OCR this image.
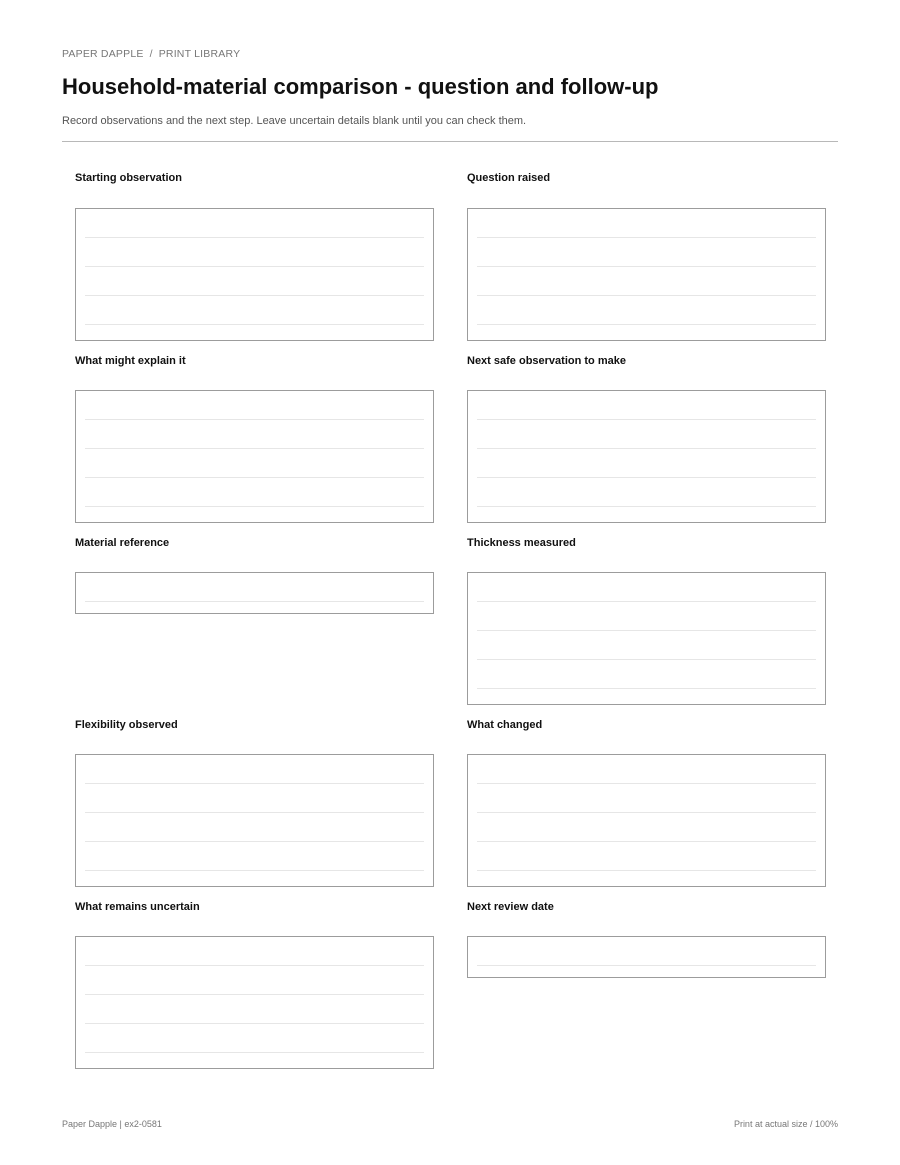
PAPER DAPPLE / PRINT LIBRARY
Household-material comparison - question and follow-up
Record observations and the next step. Leave uncertain details blank until you can check them.
Starting observation	Question raised
What might explain it	Next safe observation to make
Material reference	Thickness measured
Flexibility observed	What changed
What remains uncertain	Next review date
Paper Dapple | ex2-0581	Print at actual size / 100%
